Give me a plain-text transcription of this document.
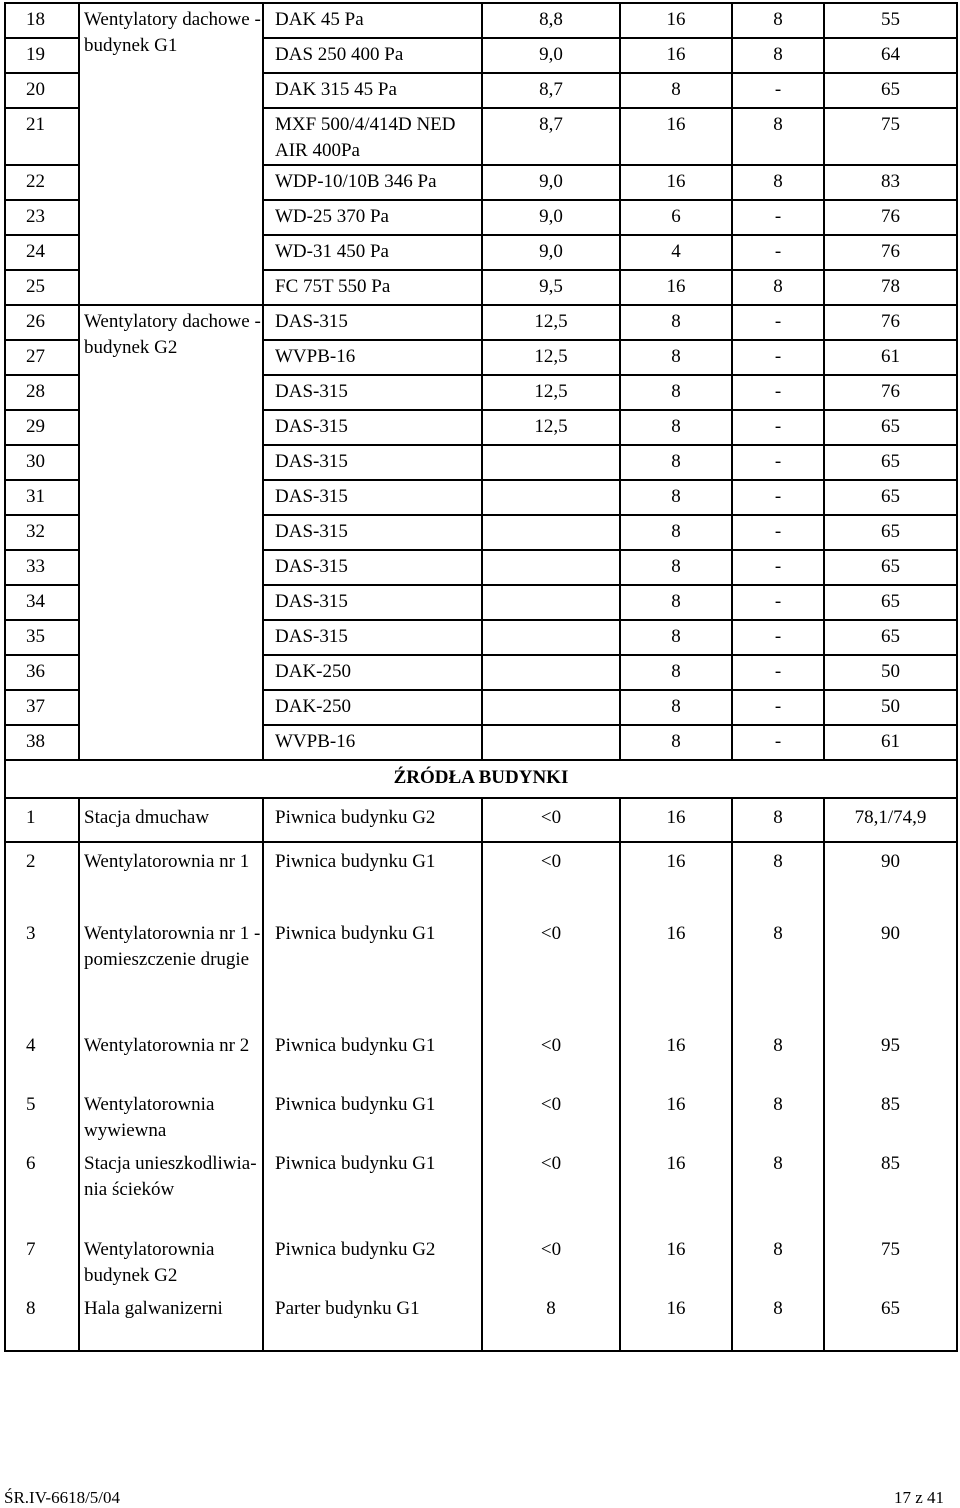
18	Wentylatory dachowe - budynek G1	DAK 45 Pa	8,8	16	8	55
19		DAS 250 400 Pa	9,0	16	8	64
20		DAK 315 45 Pa	8,7	8	-	65
21		MXF 500/4/414D NED AIR 400Pa	8,7	16	8	75
22		WDP-10/10B 346 Pa	9,0	16	8	83
23		WD-25 370 Pa	9,0	6	-	76
24		WD-31 450 Pa	9,0	4	-	76
25		FC 75T 550 Pa	9,5	16	8	78
26	Wentylatory dachowe - budynek G2	DAS-315	12,5	8	-	76
27		WVPB-16	12,5	8	-	61
28		DAS-315	12,5	8	-	76
29		DAS-315	12,5	8	-	65
30		DAS-315		8	-	65
31		DAS-315		8	-	65
32		DAS-315		8	-	65
33		DAS-315		8	-	65
34		DAS-315		8	-	65
35		DAS-315		8	-	65
36		DAK-250		8	-	50
37		DAK-250		8	-	50
38		WVPB-16		8	-	61
ŹRÓDŁA BUDYNKI						
1	Stacja dmuchaw	Piwnica budynku G2	<0	16	8	78,1/74,9
2	Wentylatorownia nr 1	Piwnica budynku G1	<0	16	8	90
3	Wentylatorownia nr 1 - pomieszczenie drugie	Piwnica budynku G1	<0	16	8	90
4	Wentylatorownia nr 2	Piwnica budynku G1	<0	16	8	95
5	Wentylatorownia wywiewna	Piwnica budynku G1	<0	16	8	85
6	Stacja unieszkodliwia-nia ścieków	Piwnica budynku G1	<0	16	8	85
7	Wentylatorownia budynek G2	Piwnica budynku G2	<0	16	8	75
8	Hala galwanizerni	Parter budynku G1	8	16	8	65
ŚR.IV-6618/5/04	17 z 41
